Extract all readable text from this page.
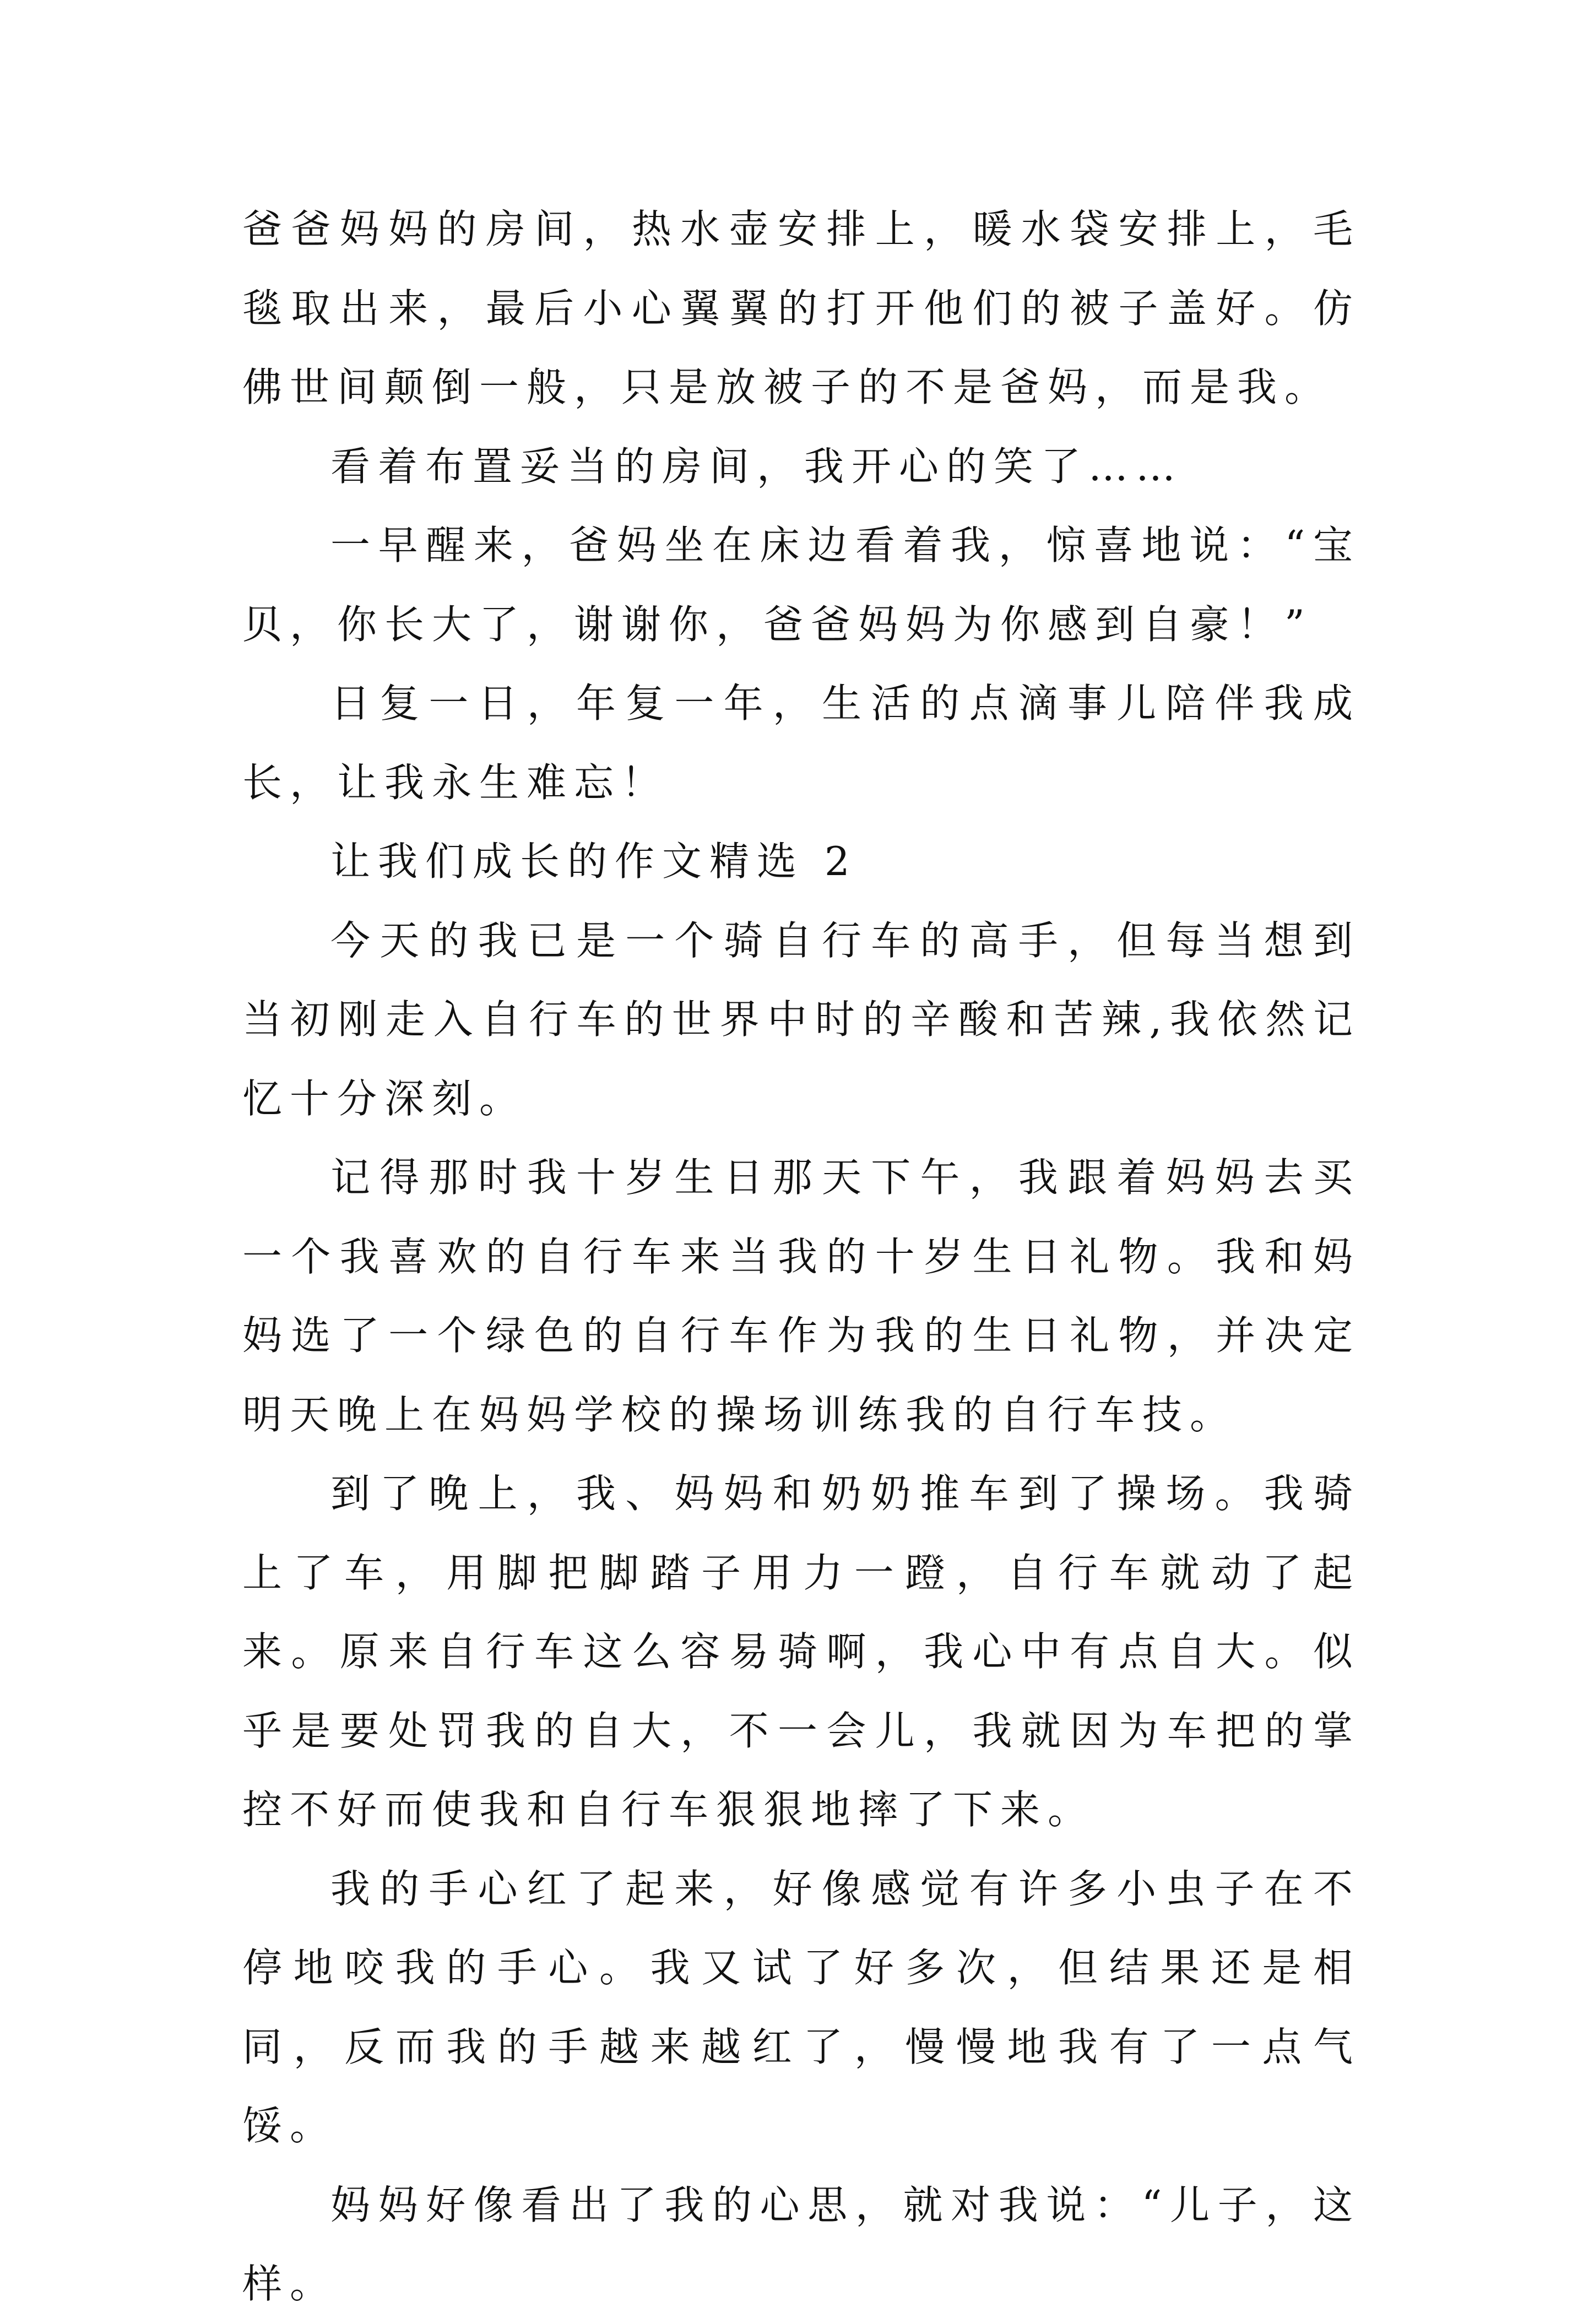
爸爸妈妈的房间，热水壶安排上，暖水袋安排上，毛毯取出来，最后小心翼翼的打开他们的被子盖好。仿佛世间颠倒一般，只是放被子的不是爸妈，而是我。

看着布置妥当的房间，我开心的笑了……

一早醒来，爸妈坐在床边看着我，惊喜地说：“宝贝，你长大了，谢谢你，爸爸妈妈为你感到自豪！”

日复一日，年复一年，生活的点滴事儿陪伴我成长，让我永生难忘！

让我们成长的作文精选 2

今天的我已是一个骑自行车的高手，但每当想到当初刚走入自行车的世界中时的辛酸和苦辣,我依然记忆十分深刻。

记得那时我十岁生日那天下午，我跟着妈妈去买一个我喜欢的自行车来当我的十岁生日礼物。我和妈妈选了一个绿色的自行车作为我的生日礼物，并决定明天晚上在妈妈学校的操场训练我的自行车技。

到了晚上，我、妈妈和奶奶推车到了操场。我骑上了车，用脚把脚踏子用力一蹬，自行车就动了起来。原来自行车这么容易骑啊，我心中有点自大。似乎是要处罚我的自大，不一会儿，我就因为车把的掌控不好而使我和自行车狠狠地摔了下来。

我的手心红了起来，好像感觉有许多小虫子在不停地咬我的手心。我又试了好多次，但结果还是相同，反而我的手越来越红了，慢慢地我有了一点气馁。

妈妈好像看出了我的心思，就对我说：“儿子，这样。
